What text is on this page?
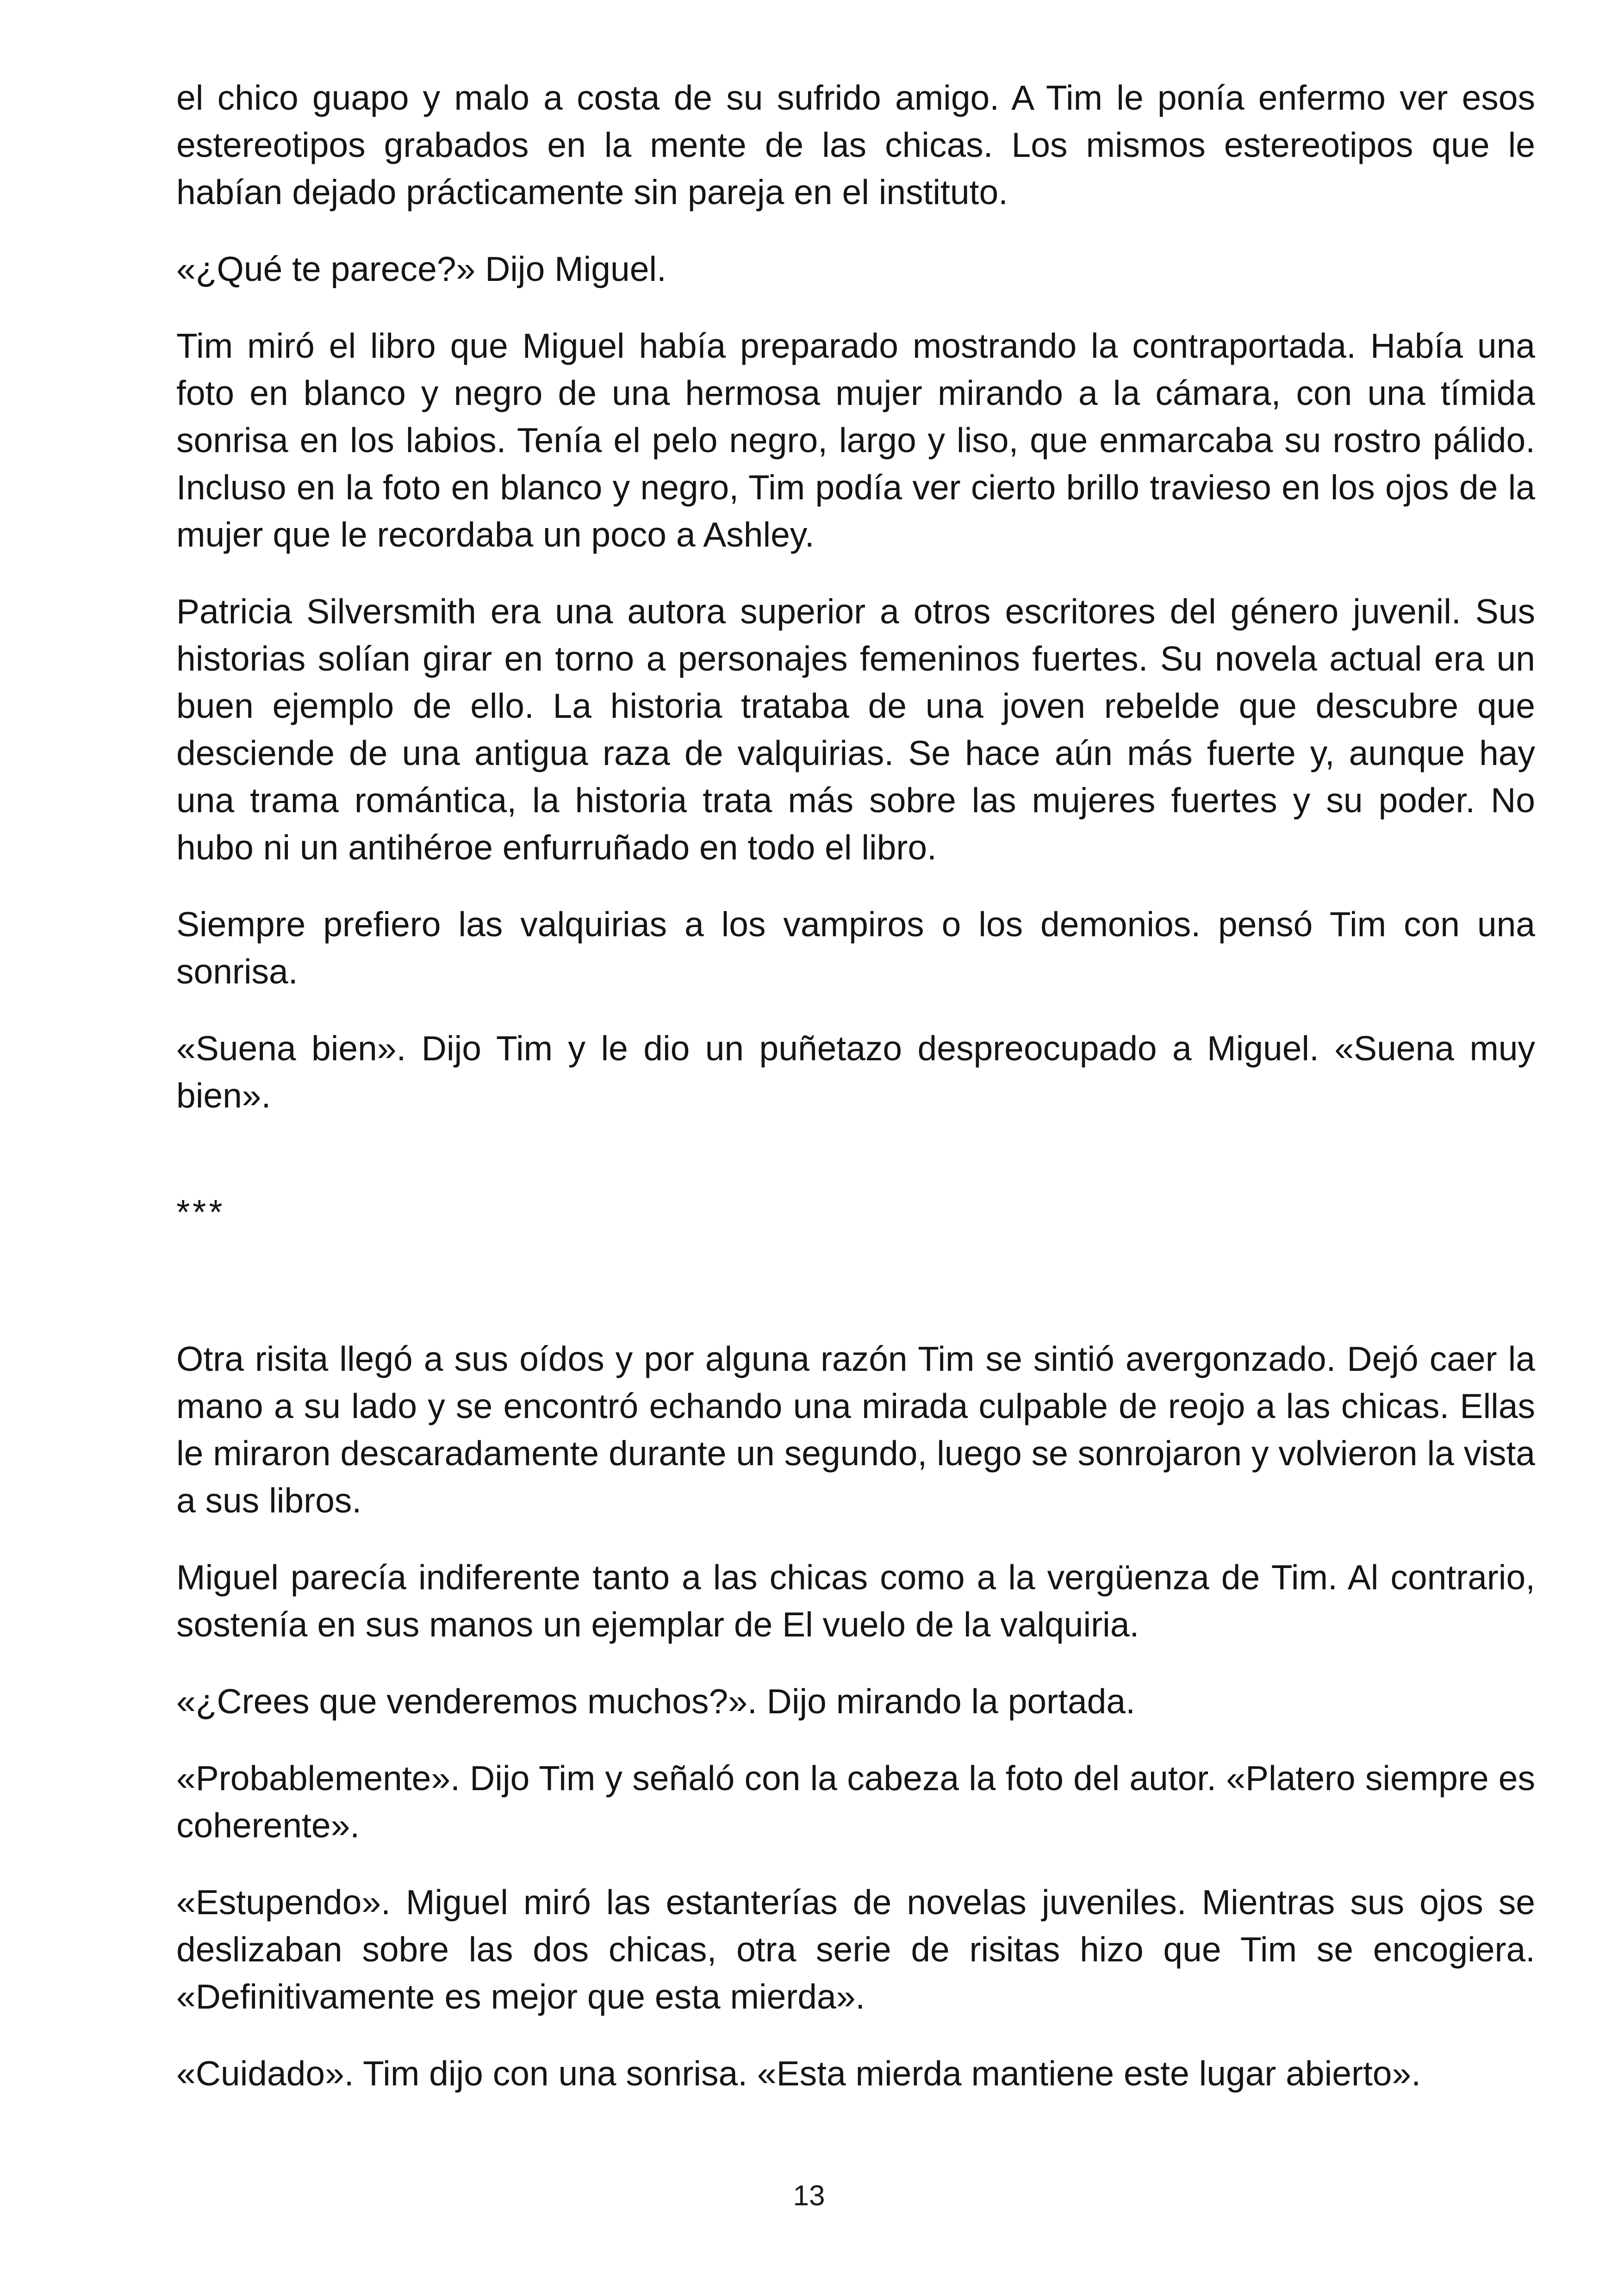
el chico guapo y malo a costa de su sufrido amigo. A Tim le ponía enfermo ver esos estereotipos grabados en la mente de las chicas. Los mismos estereotipos que le habían dejado prácticamente sin pareja en el instituto.

«¿Qué te parece?» Dijo Miguel.

Tim miró el libro que Miguel había preparado mostrando la contraportada. Había una foto en blanco y negro de una hermosa mujer mirando a la cámara, con una tímida sonrisa en los labios. Tenía el pelo negro, largo y liso, que enmarcaba su rostro pálido. Incluso en la foto en blanco y negro, Tim podía ver cierto brillo travieso en los ojos de la mujer que le recordaba un poco a Ashley.

Patricia Silversmith era una autora superior a otros escritores del género juvenil. Sus historias solían girar en torno a personajes femeninos fuertes. Su novela actual era un buen ejemplo de ello. La historia trataba de una joven rebelde que descubre que desciende de una antigua raza de valquirias. Se hace aún más fuerte y, aunque hay una trama romántica, la historia trata más sobre las mujeres fuertes y su poder. No hubo ni un antihéroe enfurruñado en todo el libro.

Siempre prefiero las valquirias a los vampiros o los demonios. pensó Tim con una sonrisa.

«Suena bien». Dijo Tim y le dio un puñetazo despreocupado a Miguel. «Suena muy bien».

***

Otra risita llegó a sus oídos y por alguna razón Tim se sintió avergonzado. Dejó caer la mano a su lado y se encontró echando una mirada culpable de reojo a las chicas. Ellas le miraron descaradamente durante un segundo, luego se sonrojaron y volvieron la vista a sus libros.

Miguel parecía indiferente tanto a las chicas como a la vergüenza de Tim. Al contrario, sostenía en sus manos un ejemplar de El vuelo de la valquiria.

«¿Crees que venderemos muchos?». Dijo mirando la portada.

«Probablemente». Dijo Tim y señaló con la cabeza la foto del autor. «Platero siempre es coherente».

«Estupendo». Miguel miró las estanterías de novelas juveniles. Mientras sus ojos se deslizaban sobre las dos chicas, otra serie de risitas hizo que Tim se encogiera. «Definitivamente es mejor que esta mierda».

«Cuidado». Tim dijo con una sonrisa. «Esta mierda mantiene este lugar abierto».

13
